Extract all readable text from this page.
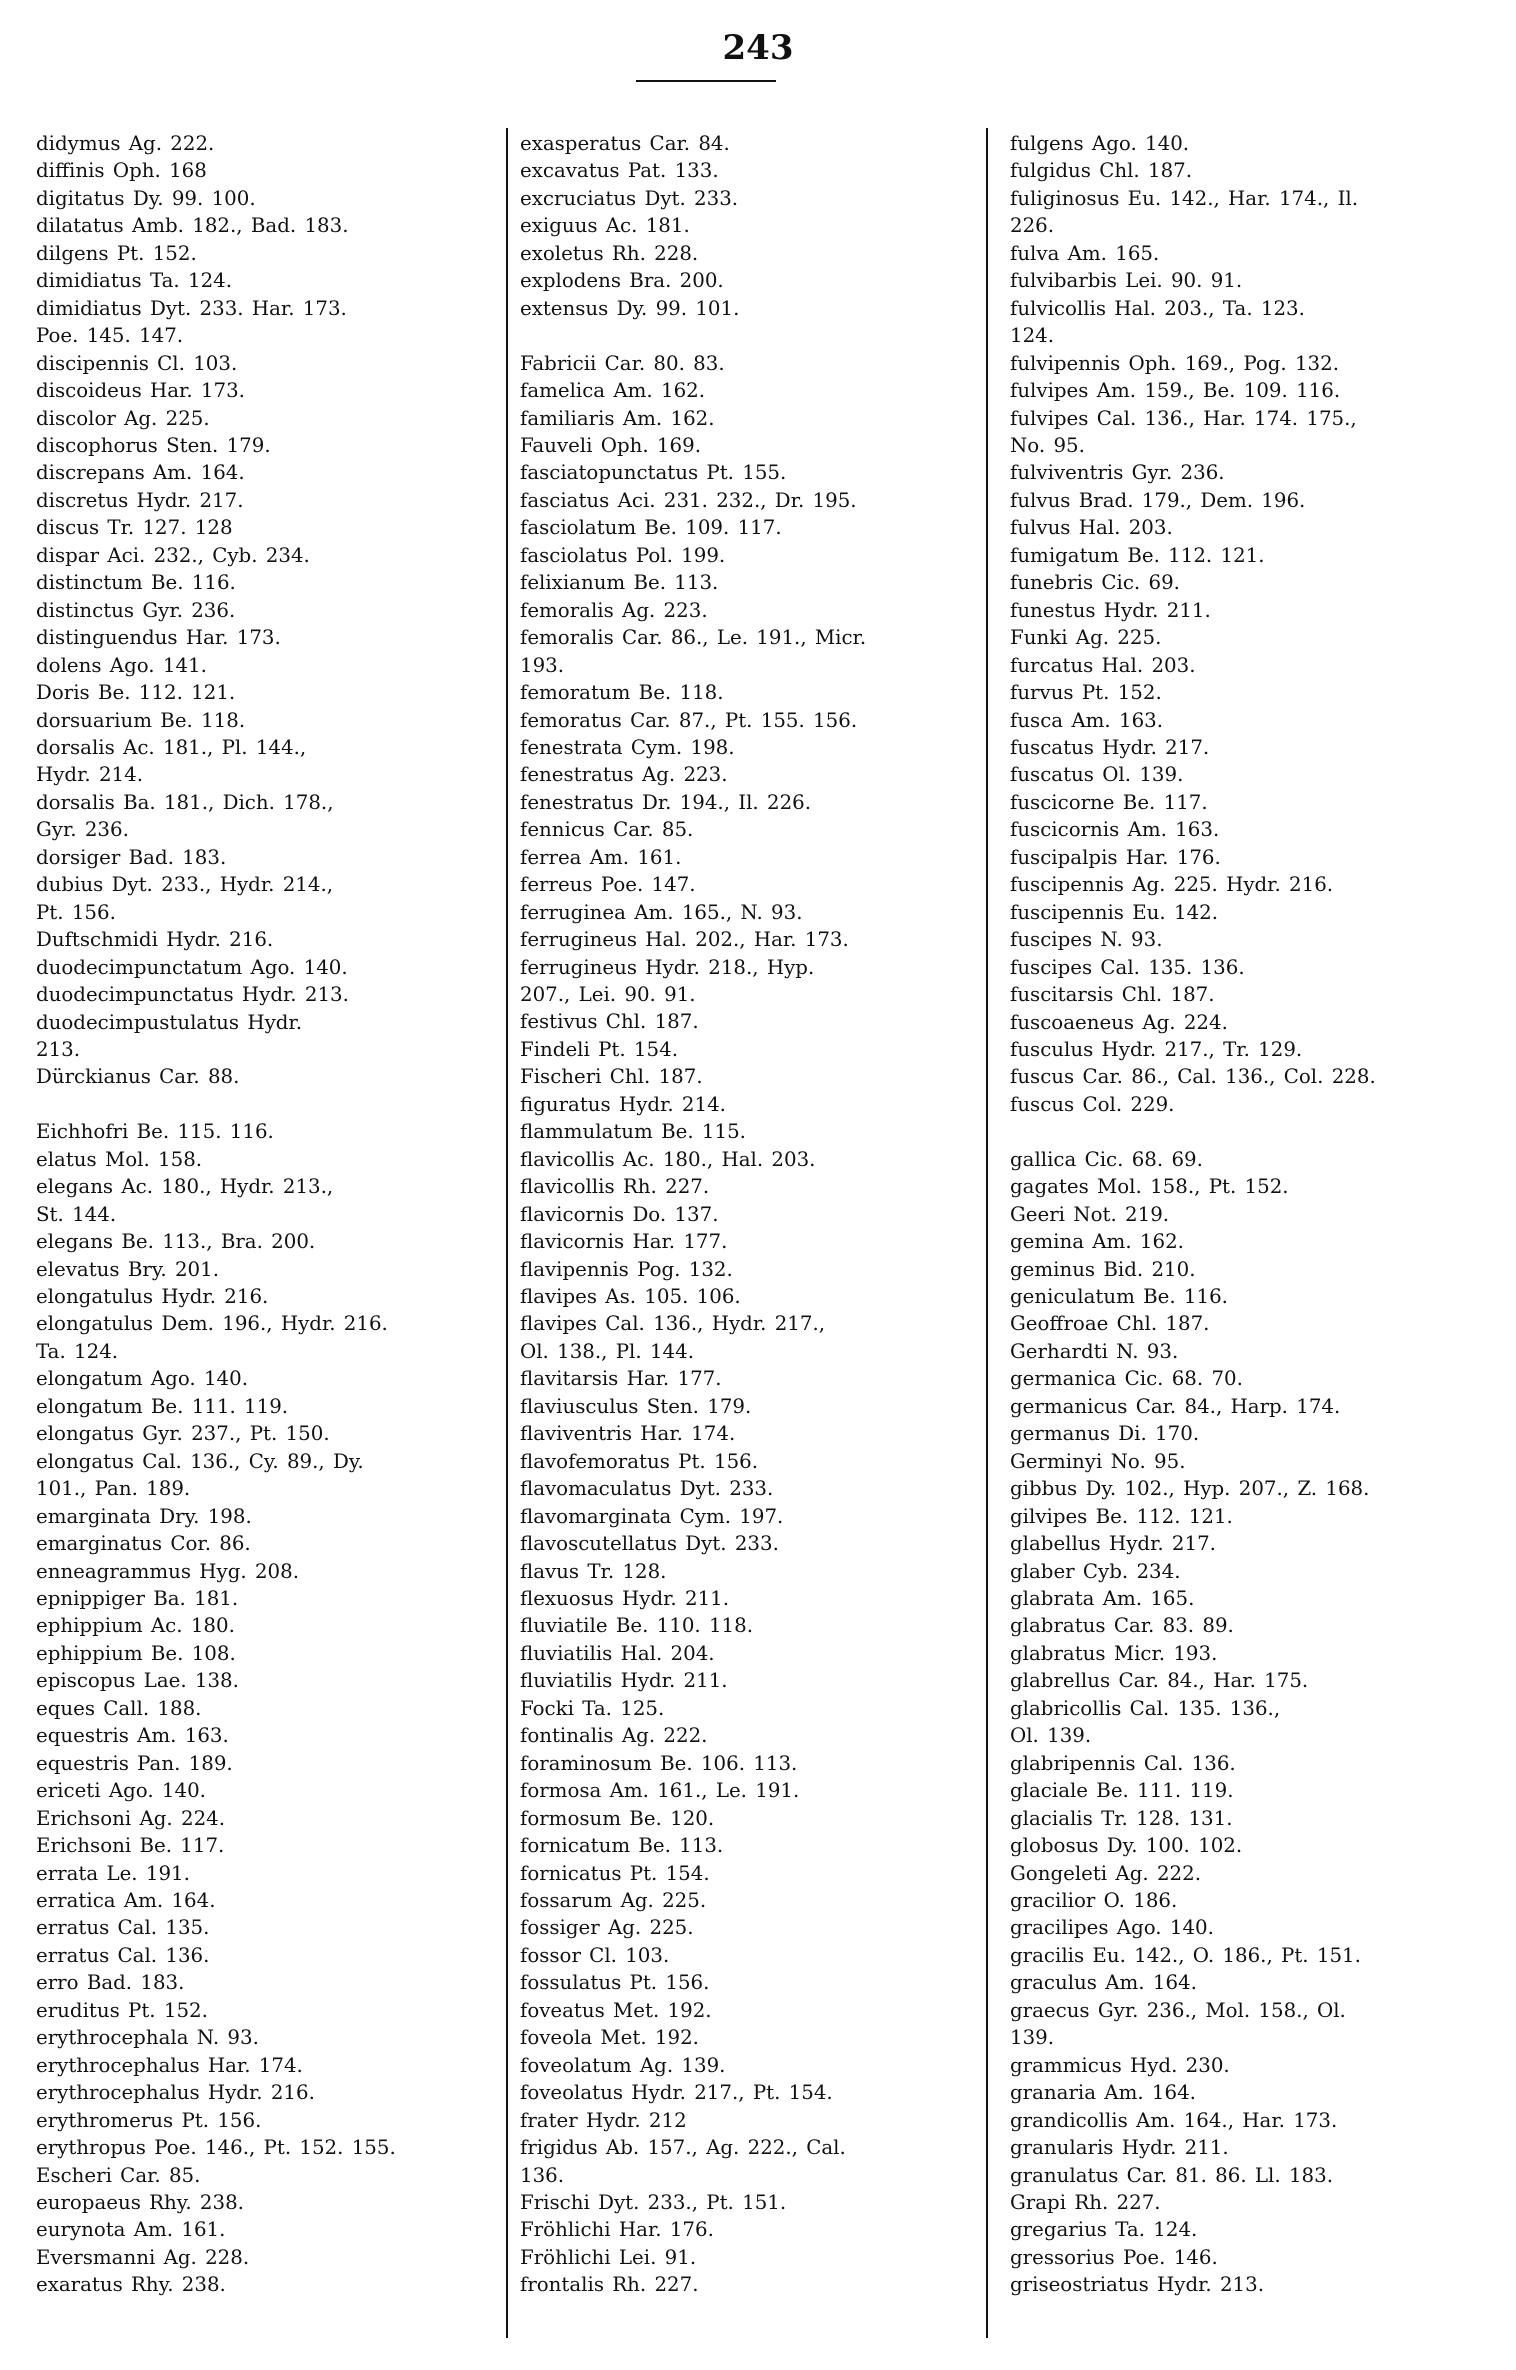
243
didymus Ag. 222.
diffinis Oph. 168
digitatus Dy. 99. 100.
dilatatus Amb. 182., Bad. 183.
dilgens Pt. 152.
dimidiatus Ta. 124.
dimidiatus Dyt. 233. Har. 173.
Poe. 145. 147.
discipennis Cl. 103.
discoideus Har. 173.
discolor Ag. 225.
discophorus Sten. 179.
discrepans Am. 164.
discretus Hydr. 217.
discus Tr. 127. 128
dispar Aci. 232., Cyb. 234.
distinctum Be. 116.
distinctus Gyr. 236.
distinguendus Har. 173.
dolens Ago. 141.
Doris Be. 112. 121.
dorsuarium Be. 118.
dorsalis Ac. 181., Pl. 144.,
Hydr. 214.
dorsalis Ba. 181., Dich. 178.,
Gyr. 236.
dorsiger Bad. 183.
dubius Dyt. 233., Hydr. 214.,
Pt. 156.
Duftschmidi Hydr. 216.
duodecimpunctatum Ago. 140.
duodecimpunctatus Hydr. 213.
duodecimpustulatus Hydr.
213.
Dürckianus Car. 88.
Eichhofri Be. 115. 116.
elatus Mol. 158.
elegans Ac. 180., Hydr. 213.,
St. 144.
elegans Be. 113., Bra. 200.
elevatus Bry. 201.
elongatulus Hydr. 216.
elongatulus Dem. 196., Hydr. 216.
Ta. 124.
elongatum Ago. 140.
elongatum Be. 111. 119.
elongatus Gyr. 237., Pt. 150.
elongatus Cal. 136., Cy. 89., Dy.
101., Pan. 189.
emarginata Dry. 198.
emarginatus Cor. 86.
enneagrammus Hyg. 208.
epnippiger Ba. 181.
ephippium Ac. 180.
ephippium Be. 108.
episcopus Lae. 138.
eques Call. 188.
equestris Am. 163.
equestris Pan. 189.
ericeti Ago. 140.
Erichsoni Ag. 224.
Erichsoni Be. 117.
errata Le. 191.
erratica Am. 164.
erratus Cal. 135.
erratus Cal. 136.
erro Bad. 183.
eruditus Pt. 152.
erythrocephala N. 93.
erythrocephalus Har. 174.
erythrocephalus Hydr. 216.
erythromerus Pt. 156.
erythropus Poe. 146., Pt. 152. 155.
Escheri Car. 85.
europaeus Rhy. 238.
eurynota Am. 161.
Eversmanni Ag. 228.
exaratus Rhy. 238.
exasperatus Car. 84.
excavatus Pat. 133.
excruciatus Dyt. 233.
exiguus Ac. 181.
exoletus Rh. 228.
explodens Bra. 200.
extensus Dy. 99. 101.
Fabricii Car. 80. 83.
famelica Am. 162.
familiaris Am. 162.
Fauveli Oph. 169.
fasciatopunctatus Pt. 155.
fasciatus Aci. 231. 232., Dr. 195.
fasciolatum Be. 109. 117.
fasciolatus Pol. 199.
felixianum Be. 113.
femoralis Ag. 223.
femoralis Car. 86., Le. 191., Micr.
193.
femoratum Be. 118.
femoratus Car. 87., Pt. 155. 156.
fenestrata Cym. 198.
fenestratus Ag. 223.
fenestratus Dr. 194., Il. 226.
fennicus Car. 85.
ferrea Am. 161.
ferreus Poe. 147.
ferruginea Am. 165., N. 93.
ferrugineus Hal. 202., Har. 173.
ferrugineus Hydr. 218., Hyp.
207., Lei. 90. 91.
festivus Chl. 187.
Findeli Pt. 154.
Fischeri Chl. 187.
figuratus Hydr. 214.
flammulatum Be. 115.
flavicollis Ac. 180., Hal. 203.
flavicollis Rh. 227.
flavicornis Do. 137.
flavicornis Har. 177.
flavipennis Pog. 132.
flavipes As. 105. 106.
flavipes Cal. 136., Hydr. 217.,
Ol. 138., Pl. 144.
flavitarsis Har. 177.
flaviusculus Sten. 179.
flaviventris Har. 174.
flavofemoratus Pt. 156.
flavomaculatus Dyt. 233.
flavomarginata Cym. 197.
flavoscutellatus Dyt. 233.
flavus Tr. 128.
flexuosus Hydr. 211.
fluviatile Be. 110. 118.
fluviatilis Hal. 204.
fluviatilis Hydr. 211.
Focki Ta. 125.
fontinalis Ag. 222.
foraminosum Be. 106. 113.
formosa Am. 161., Le. 191.
formosum Be. 120.
fornicatum Be. 113.
fornicatus Pt. 154.
fossarum Ag. 225.
fossiger Ag. 225.
fossor Cl. 103.
fossulatus Pt. 156.
foveatus Met. 192.
foveola Met. 192.
foveolatum Ag. 139.
foveolatus Hydr. 217., Pt. 154.
frater Hydr. 212
frigidus Ab. 157., Ag. 222., Cal.
136.
Frischi Dyt. 233., Pt. 151.
Fröhlichi Har. 176.
Fröhlichi Lei. 91.
frontalis Rh. 227.
fulgens Ago. 140.
fulgidus Chl. 187.
fuliginosus Eu. 142., Har. 174., Il.
226.
fulva Am. 165.
fulvibarbis Lei. 90. 91.
fulvicollis Hal. 203., Ta. 123.
124.
fulvipennis Oph. 169., Pog. 132.
fulvipes Am. 159., Be. 109. 116.
fulvipes Cal. 136., Har. 174. 175.,
No. 95.
fulviventris Gyr. 236.
fulvus Brad. 179., Dem. 196.
fulvus Hal. 203.
fumigatum Be. 112. 121.
funebris Cic. 69.
funestus Hydr. 211.
Funki Ag. 225.
furcatus Hal. 203.
furvus Pt. 152.
fusca Am. 163.
fuscatus Hydr. 217.
fuscatus Ol. 139.
fuscicorne Be. 117.
fuscicornis Am. 163.
fuscipalpis Har. 176.
fuscipennis Ag. 225. Hydr. 216.
fuscipennis Eu. 142.
fuscipes N. 93.
fuscipes Cal. 135. 136.
fuscitarsis Chl. 187.
fuscoaeneus Ag. 224.
fusculus Hydr. 217., Tr. 129.
fuscus Car. 86., Cal. 136., Col. 228.
fuscus Col. 229.
gallica Cic. 68. 69.
gagates Mol. 158., Pt. 152.
Geeri Not. 219.
gemina Am. 162.
geminus Bid. 210.
geniculatum Be. 116.
Geoffroae Chl. 187.
Gerhardti N. 93.
germanica Cic. 68. 70.
germanicus Car. 84., Harp. 174.
germanus Di. 170.
Germinyi No. 95.
gibbus Dy. 102., Hyp. 207., Z. 168.
gilvipes Be. 112. 121.
glabellus Hydr. 217.
glaber Cyb. 234.
glabrata Am. 165.
glabratus Car. 83. 89.
glabratus Micr. 193.
glabrellus Car. 84., Har. 175.
glabricollis Cal. 135. 136.,
Ol. 139.
glabripennis Cal. 136.
glaciale Be. 111. 119.
glacialis Tr. 128. 131.
globosus Dy. 100. 102.
Gongeleti Ag. 222.
gracilior O. 186.
gracilipes Ago. 140.
gracilis Eu. 142., O. 186., Pt. 151.
graculus Am. 164.
graecus Gyr. 236., Mol. 158., Ol.
139.
grammicus Hyd. 230.
granaria Am. 164.
grandicollis Am. 164., Har. 173.
granularis Hydr. 211.
granulatus Car. 81. 86. Ll. 183.
Grapi Rh. 227.
gregarius Ta. 124.
gressorius Poe. 146.
griseostriatus Hydr. 213.
